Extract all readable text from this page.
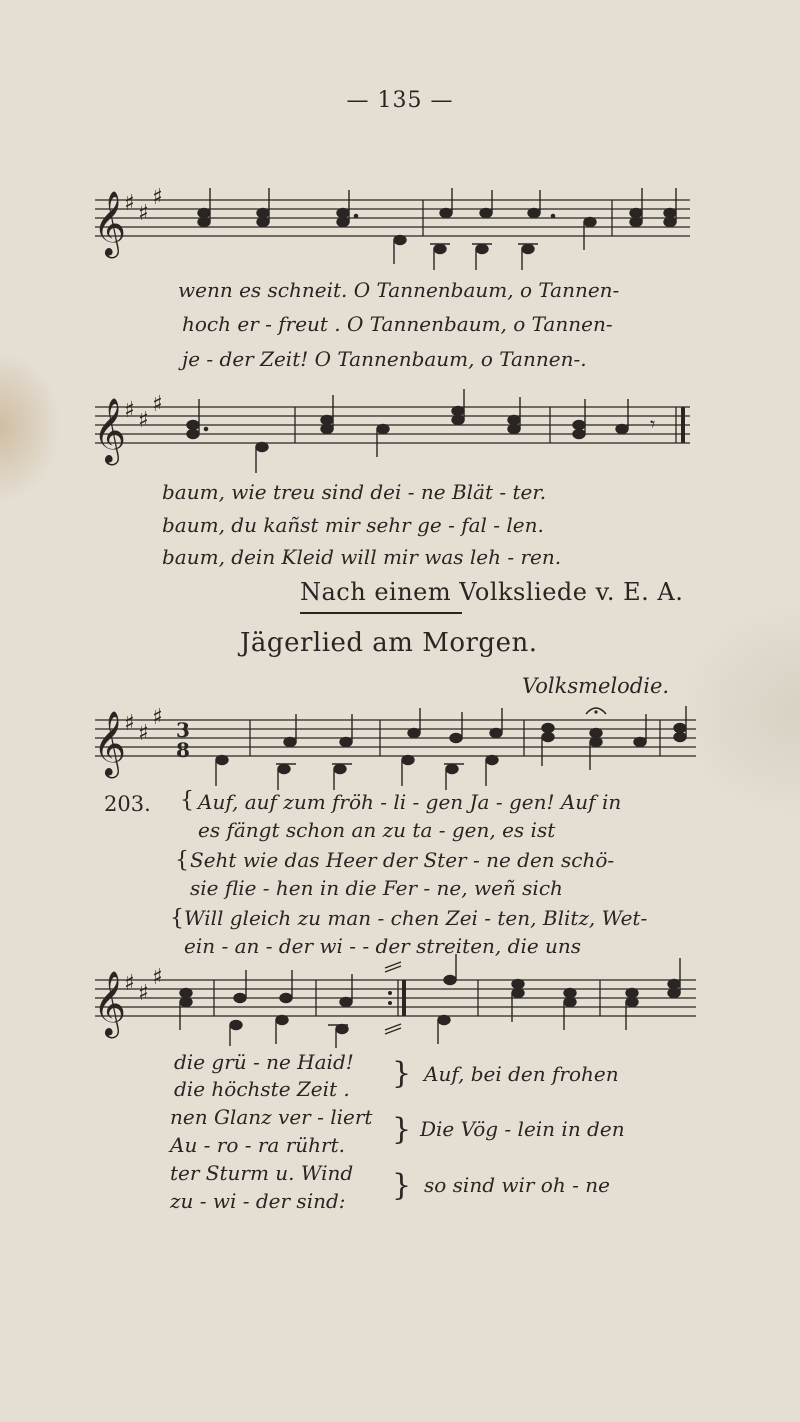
— 135 —
𝄞
♯ ♯
♯
wenn es schneit. O Tannenbaum, o Tannen-
hoch er - freut . O Tannenbaum, o Tannen-
je - der Zeit! O Tannenbaum, o Tannen-.
𝄞
♯ ♯
♯
𝄾
baum, wie treu sind dei - ne Blät - ter.
baum, du kañst mir sehr ge - fal - len.
baum, dein Kleid will mir was leh - ren.
Nach einem Volksliede v. E. A.
Jägerlied am Morgen.
Volksmelodie.
𝄞
♯ ♯
♯ 3
8
203. {
{
{
Auf, auf zum fröh - li - gen Ja - gen! Auf in
es fängt schon an zu ta - gen, es ist
Seht wie das Heer der Ster - ne den schö-
sie flie - hen in die Fer - ne, weñ sich
Will gleich zu man - chen Zei - ten, Blitz, Wet-
ein - an - der wi - - der streiten, die uns
𝄞
♯ ♯
♯
die grü - ne Haid!
die höchste Zeit .
nen Glanz ver - liert
Au - ro - ra rührt.
ter Sturm u. Wind
zu - wi - der sind:
}
}
}
Auf, bei den frohen
Die Vög - lein in den
so sind wir oh - ne
